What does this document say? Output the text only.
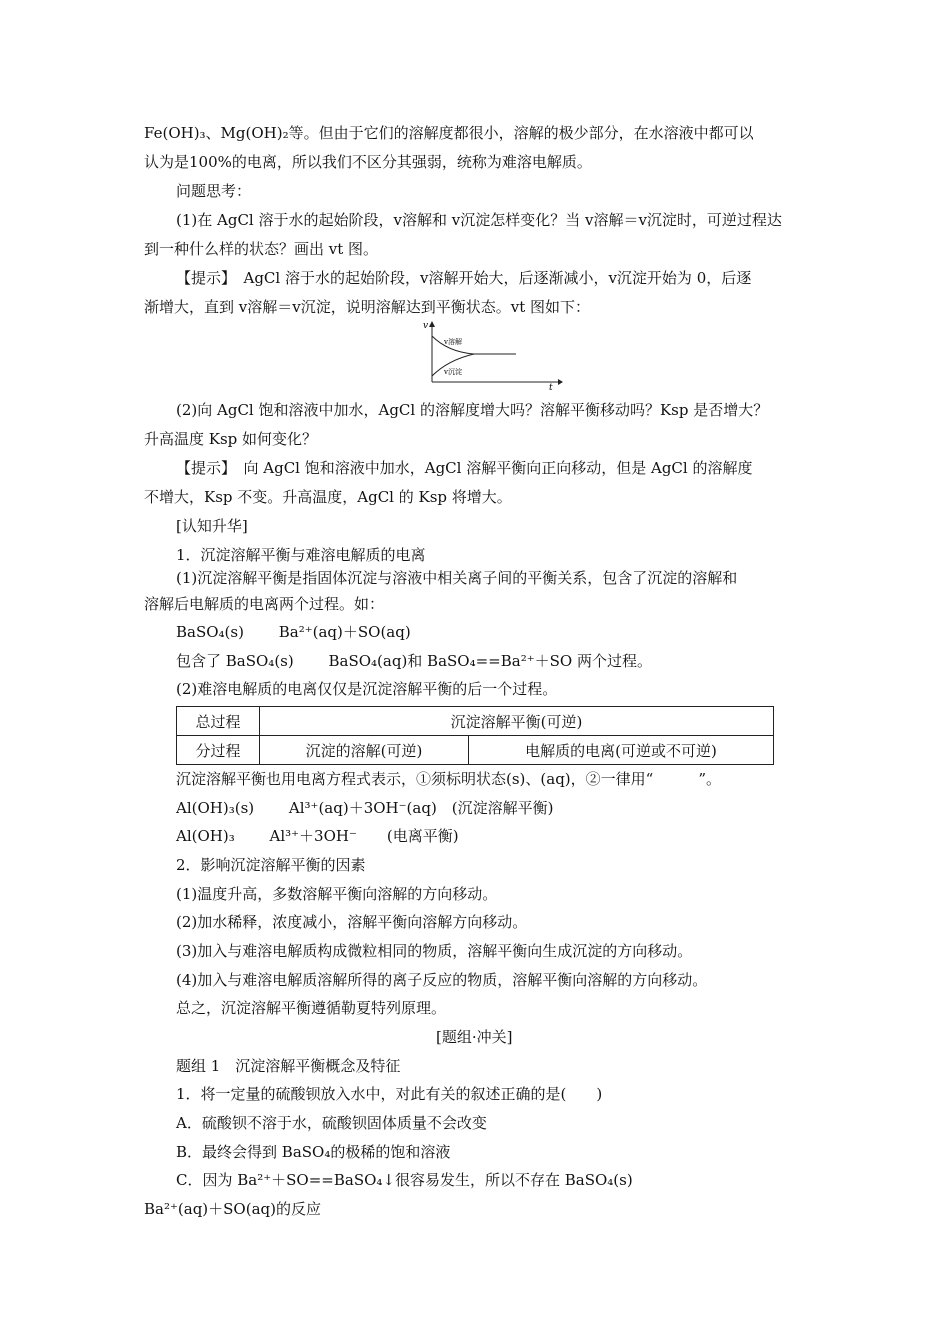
Fe(OH)₃、Mg(OH)₂等。但由于它们的溶解度都很小，溶解的极少部分，在水溶液中都可以
认为是100%的电离，所以我们不区分其强弱，统称为难溶电解质。
问题思考：
(1)在 AgCl 溶于水的起始阶段，v溶解和 v沉淀怎样变化？当 v溶解＝v沉淀时，可逆过程达
到一种什么样的状态？画出 vt 图。
【提示】　AgCl 溶于水的起始阶段，v溶解开始大，后逐渐减小，v沉淀开始为 0，后逐
渐增大，直到 v溶解＝v沉淀，说明溶解达到平衡状态。vt 图如下：
v
t
v溶解
v沉淀
(2)向 AgCl 饱和溶液中加水，AgCl 的溶解度增大吗？溶解平衡移动吗？Ksp 是否增大？
升高温度 Ksp 如何变化？
【提示】　向 AgCl 饱和溶液中加水，AgCl 溶解平衡向正向移动，但是 AgCl 的溶解度
不增大，Ksp 不变。升高温度，AgCl 的 Ksp 将增大。
[认知升华]
1．沉淀溶解平衡与难溶电解质的电离
(1)沉淀溶解平衡是指固体沉淀与溶液中相关离子间的平衡关系，包含了沉淀的溶解和
溶解后电解质的电离两个过程。如：
BaSO₄(s)　　 Ba²⁺(aq)＋SO(aq)
包含了 BaSO₄(s)　　 BaSO₄(aq)和 BaSO₄==Ba²⁺＋SO 两个过程。
(2)难溶电解质的电离仅仅是沉淀溶解平衡的后一个过程。
总过程	沉淀溶解平衡(可逆)	
分过程	沉淀的溶解(可逆)	电解质的电离(可逆或不可逆)
沉淀溶解平衡也用电离方程式表示，①须标明状态(s)、(aq)，②一律用“　　　”。
Al(OH)₃(s)　　 Al³⁺(aq)＋3OH⁻(aq)　(沉淀溶解平衡)
Al(OH)₃　　 Al³⁺＋3OH⁻　　(电离平衡)
2．影响沉淀溶解平衡的因素
(1)温度升高，多数溶解平衡向溶解的方向移动。
(2)加水稀释，浓度减小，溶解平衡向溶解方向移动。
(3)加入与难溶电解质构成微粒相同的物质，溶解平衡向生成沉淀的方向移动。
(4)加入与难溶电解质溶解所得的离子反应的物质，溶解平衡向溶解的方向移动。
总之，沉淀溶解平衡遵循勒夏特列原理。
[题组·冲关]
题组 1　沉淀溶解平衡概念及特征
1．将一定量的硫酸钡放入水中，对此有关的叙述正确的是(　　)
A．硫酸钡不溶于水，硫酸钡固体质量不会改变
B．最终会得到 BaSO₄的极稀的饱和溶液
C．因为 Ba²⁺＋SO==BaSO₄↓很容易发生，所以不存在 BaSO₄(s)
Ba²⁺(aq)＋SO(aq)的反应
